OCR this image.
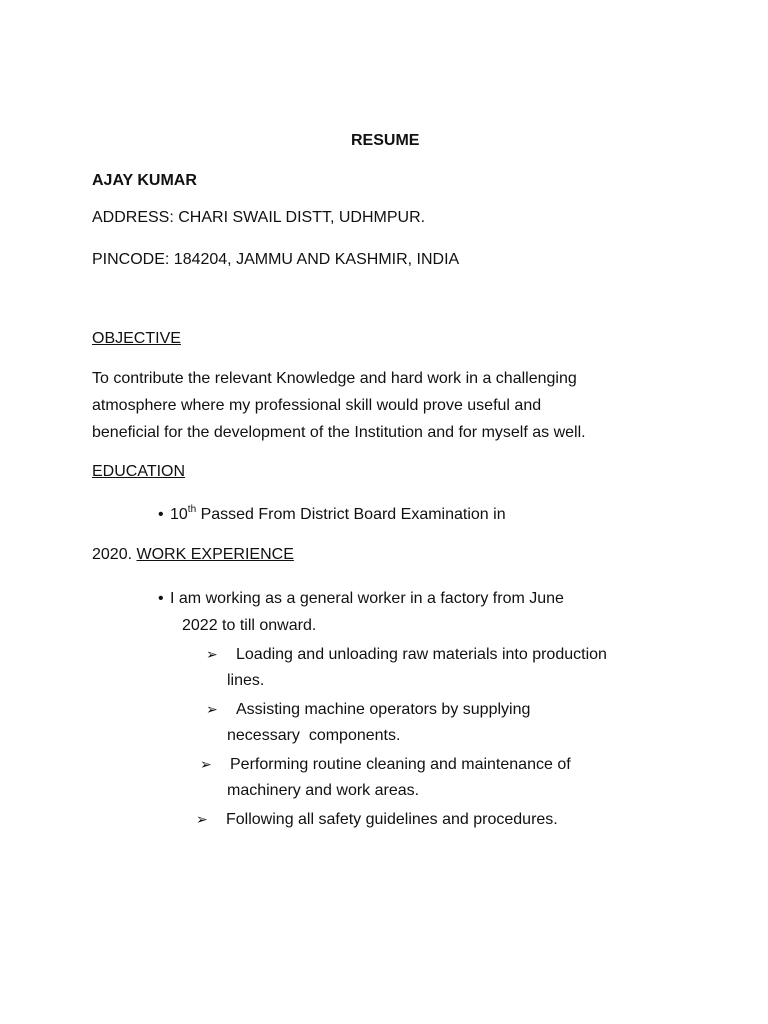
RESUME
AJAY KUMAR
ADDRESS: CHARI SWAIL DISTT, UDHMPUR.
PINCODE: 184204, JAMMU AND KASHMIR, INDIA
OBJECTIVE
To contribute the relevant Knowledge and hard work in a challenging
atmosphere where my professional skill would prove useful and
beneficial for the development of the Institution and for myself as well.
EDUCATION
• 10th Passed From District Board Examination in
2020. WORK EXPERIENCE
• I am working as a general worker in a factory from June
2022 to till onward.
➢ Loading and unloading raw materials into production
lines.
➢ Assisting machine operators by supplying
necessary  components.
➢ Performing routine cleaning and maintenance of
machinery and work areas.
➢ Following all safety guidelines and procedures.
